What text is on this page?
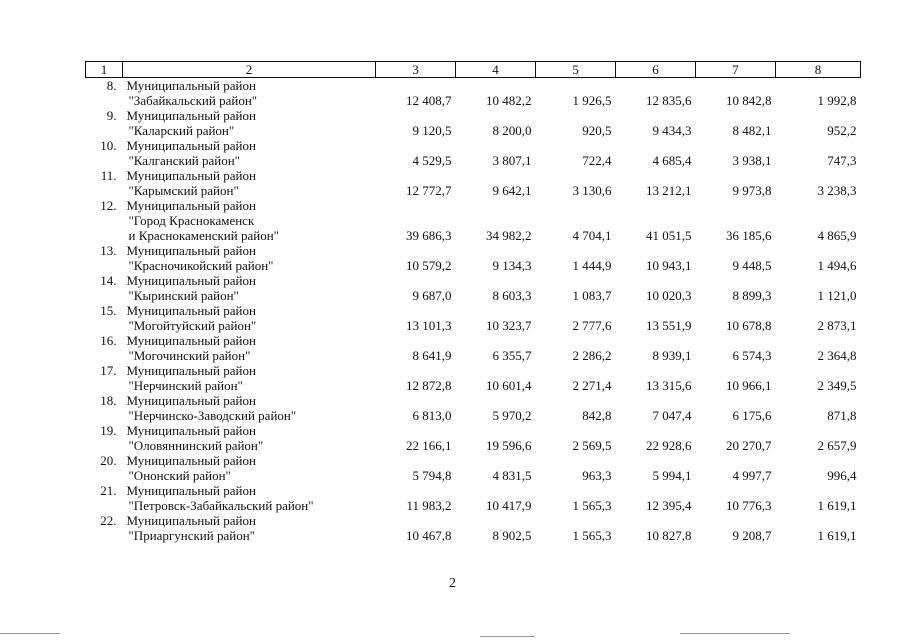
1	2	3	4	5	6	7	8
8.	Муниципальный район
"Забайкальский район"	12 408,7	10 482,2	1 926,5	12 835,6	10 842,8	1 992,8
9.	Муниципальный район
"Каларский район"	9 120,5	8 200,0	920,5	9 434,3	8 482,1	952,2
10.	Муниципальный район
"Калганский район"	4 529,5	3 807,1	722,4	4 685,4	3 938,1	747,3
11.	Муниципальный район
"Карымский район"	12 772,7	9 642,1	3 130,6	13 212,1	9 973,8	3 238,3
12.	Муниципальный район
"Город Краснокаменск
и Краснокаменский район"	39 686,3	34 982,2	4 704,1	41 051,5	36 185,6	4 865,9
13.	Муниципальный район
"Красночикойский район"	10 579,2	9 134,3	1 444,9	10 943,1	9 448,5	1 494,6
14.	Муниципальный район
"Кыринский район"	9 687,0	8 603,3	1 083,7	10 020,3	8 899,3	1 121,0
15.	Муниципальный район
"Могойтуйский район"	13 101,3	10 323,7	2 777,6	13 551,9	10 678,8	2 873,1
16.	Муниципальный район
"Могочинский район"	8 641,9	6 355,7	2 286,2	8 939,1	6 574,3	2 364,8
17.	Муниципальный район
"Нерчинский район"	12 872,8	10 601,4	2 271,4	13 315,6	10 966,1	2 349,5
18.	Муниципальный район
"Нерчинско-Заводский район"	6 813,0	5 970,2	842,8	7 047,4	6 175,6	871,8
19.	Муниципальный район
"Оловяннинский район"	22 166,1	19 596,6	2 569,5	22 928,6	20 270,7	2 657,9
20.	Муниципальный район
"Ононский район"	5 794,8	4 831,5	963,3	5 994,1	4 997,7	996,4
21.	Муниципальный район
"Петровск-Забайкальский район"	11 983,2	10 417,9	1 565,3	12 395,4	10 776,3	1 619,1
22.	Муниципальный район
"Приаргунский район"	10 467,8	8 902,5	1 565,3	10 827,8	9 208,7	1 619,1
2
